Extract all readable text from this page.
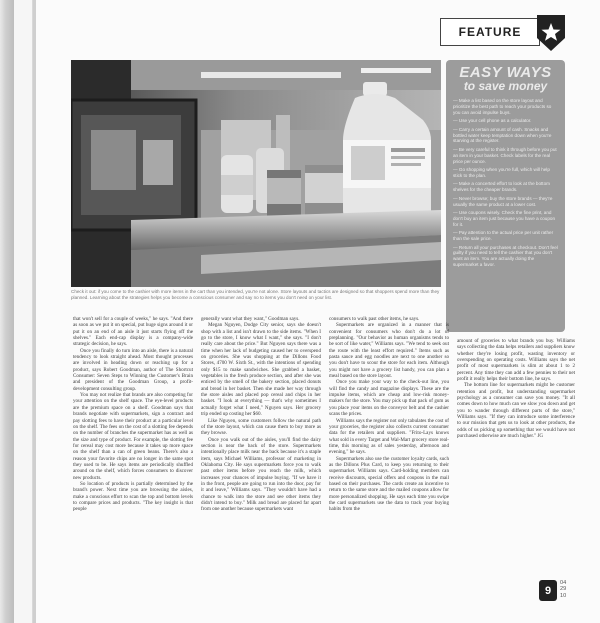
FEATURE
Check it out: if you come to the cashier with more items in the cart than you intended, you're not alone. Store layouts and tactics are designed so that shoppers spend more than they planned. Learning about the strategies helps you become a conscious consumer and say no to items you don't need on your list.
EASY WAYS
to save money
— Make a list based on the store layout and prioritize the best path to reach your products so you can avoid impulse buys.
— Use your cell phone as a calculator.
— Carry a certain amount of cash. Snacks and bottled water keep temptation down when you're starving at the register.
— Be very careful to think it through before you put an item in your basket. Check labels for the real price per ounce.
— Go shopping when you're full, which will help stick to the plan.
— Make a concerted effort to look at the bottom shelves for the cheaper brands.
— Never browse; buy the store brands — they're usually the same product at a lower cost.
— Use coupons wisely. Check the fine print, and don't buy an item just because you have a coupon for it.
— Pay attention to the actual price per unit rather than the sale price.
— Return all your purchases at checkout. Don't feel guilty if you need to tell the cashier that you don't want an item. You are actually doing the supermarket a favor.

that won't sell for a couple of weeks," he says. "And there as soon as we put it on special, put huge signs around it or put it on an end of an aisle it just starts flying off the shelves." Each end-cap display is a company-wide strategic decision, he says.

Once you finally do turn into an aisle, there is a natural tendency to look straight ahead. Most thought processes are involved in heading down or reaching up for a product, says Robert Goodman, author of The Shortcut Consumer: Seven Steps to Winning the Customer's Brain and president of the Goodman Group, a profit-development consulting group.

You may not realize that brands are also competing for your attention on the shelf space. The eye-level products are the premium space on a shelf. Goodman says that brands negotiate with supermarkets, sign a contract and pay slotting fees to have their product at a particular level on the shelf. The fees on the cost of a slotting fee depends on the number of branches the supermarket has as well as the size and type of product. For example, the slotting fee for cereal may cost more because it takes up more space on the shelf than a can of green beans. There's also a reason your favorite chips are no longer in the same spot they used to be. He says items are periodically shuffled around on the shelf, which forces consumers to discover new products.

So location of products is partially determined by the brand's power. Next time you are browsing the aisles, make a conscious effort to scan the top and bottom levels to compare prices and products. "The key insight is that people

generally want what they want," Goodman says.

Megan Nguyen, Dodge City senior, says she doesn't shop with a list and isn't drawn to the side items. "When I go to the store, I know what I want," she says. "I don't really care about the price." But Nguyen says there was a time when her lack of budgeting caused her to overspend on groceries. She was shopping at the Dillons Food Stores, 4700 W. Sixth St., with the intentions of spending only $15 to make sandwiches. She grabbed a basket, vegetables in the fresh produce section, and after she was enticed by the smell of the bakery section, placed donuts and bread in her basket. Then she made her way through the store aisles and placed pop cereal and chips in her basket. "I look at everything — that's why sometimes I actually forget what I need," Nguyen says. Her grocery trip ended up costing her $60.

Like Nguyen, some customers follow the natural path of the store layout, which can cause them to buy more as they browse.

Once you walk out of the aisles, you'll find the dairy section is near the back of the store. Supermarkets intentionally place milk near the back because it's a staple item, says Michael Williams, professor of marketing in Oklahoma City. He says supermarkets force you to walk past other items before you reach the milk, which increases your chances of impulse buying. "If we have it in the front, people are going to run into the door, pay for it and leave," Williams says. "They wouldn't have had a chance to walk into the store and see other items they didn't intend to buy." Milk and bread are placed far apart from one another because supermarkets want

consumers to walk past other items, he says.

Supermarkets are organized in a manner that is convenient for consumers who don't do a lot of preplanning. "Our behavior as human organisms tends to be sort of like water," Williams says. "We tend to seek out the route with the least effort required." Items such as pasta sauce and egg noodles are next to one another so you don't have to scour the store for each item. Although you might not have a grocery list handy, you can plan a meal based on the store layout.

Once you make your way to the check-out line, you will find the candy and magazine displays. These are the impulse items, which are cheap and low-risk money-makers for the store. You may pick up that pack of gum as you place your items on the conveyor belt and the cashier scans the prices.

Williams says the register not only tabulates the cost of your groceries, the register also collects current consumer data for the retailers and suppliers. "Frito-Lays knows what sold in every Target and Wal-Mart grocery store real-time, this morning as of sales yesterday, afternoon and evening," he says.

Supermarkets also use the customer loyalty cards, such as the Dillons Plus Card, to keep you returning to their supermarket. Williams says. Card-holding members can receive discounts, special offers and coupons in the mail based on their purchases. The cards create an incentive to return to the same store and the mailed coupons allow for more personalized shopping. He says each time you swipe the card supermarkets use the data to track your buying habits from the

amount of groceries to what brands you buy. Williams says collecting the data helps retailers and suppliers know whether they're losing profit, wasting inventory or overspending on operating costs. Williams says the net profit of most supermarkets is slim at about 1 to 2 percent. Any time they can add a few pennies to their net profit it really helps their bottom line, he says.

The bottom line for supermarkets might be customer retention and profit, but understanding supermarket psychology as a consumer can save you money. "It all comes down to how much can we slow you down and get you to wander through different parts of the store," Williams says. "If they can introduce some interference to our mission that gets us to look at other products, the odds of us picking up something that we would have not purchased otherwise are much higher." JG

9
04
29
10
